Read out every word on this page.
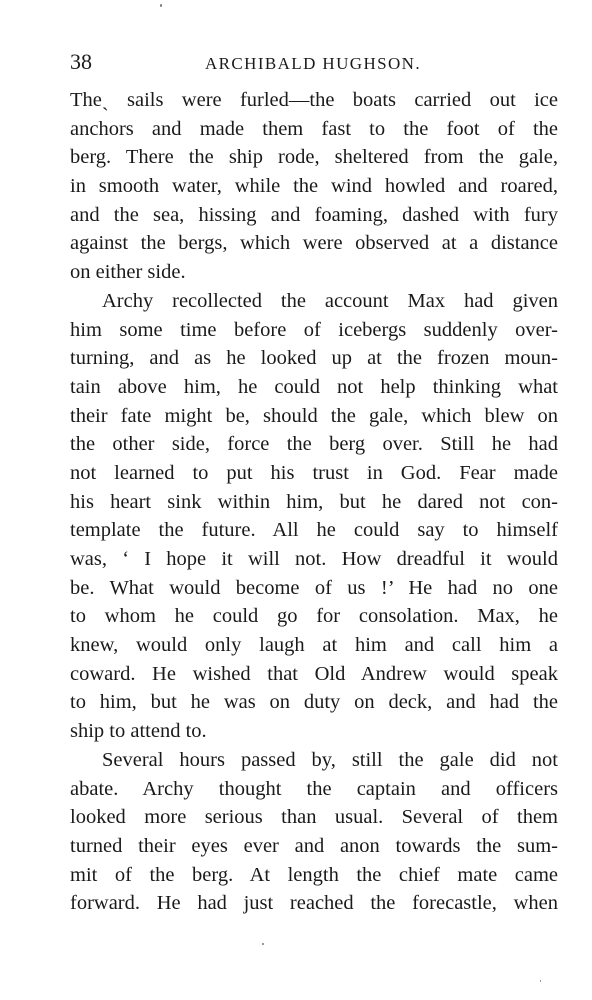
38	ARCHIBALD HUGHSON.
Theˏ sails were furled—the boats carried out ice
anchors and made them fast to the foot of the
berg. There the ship rode, sheltered from the gale,
in smooth water, while the wind howled and roared,
and the sea, hissing and foaming, dashed with fury
against the bergs, which were observed at a distance
on either side.
Archy recollected the account Max had given
him some time before of icebergs suddenly over-
turning, and as he looked up at the frozen moun-
tain above him, he could not help thinking what
their fate might be, should the gale, which blew on
the other side, force the berg over. Still he had
not learned to put his trust in God. Fear made
his heart sink within him, but he dared not con-
template the future. All he could say to himself
was, ‘ I hope it will not. How dreadful it would
be. What would become of us !’ He had no one
to whom he could go for consolation. Max, he
knew, would only laugh at him and call him a
coward. He wished that Old Andrew would speak
to him, but he was on duty on deck, and had the
ship to attend to.
Several hours passed by, still the gale did not
abate. Archy thought the captain and officers
looked more serious than usual. Several of them
turned their eyes ever and anon towards the sum-
mit of the berg. At length the chief mate came
forward. He had just reached the forecastle, when
